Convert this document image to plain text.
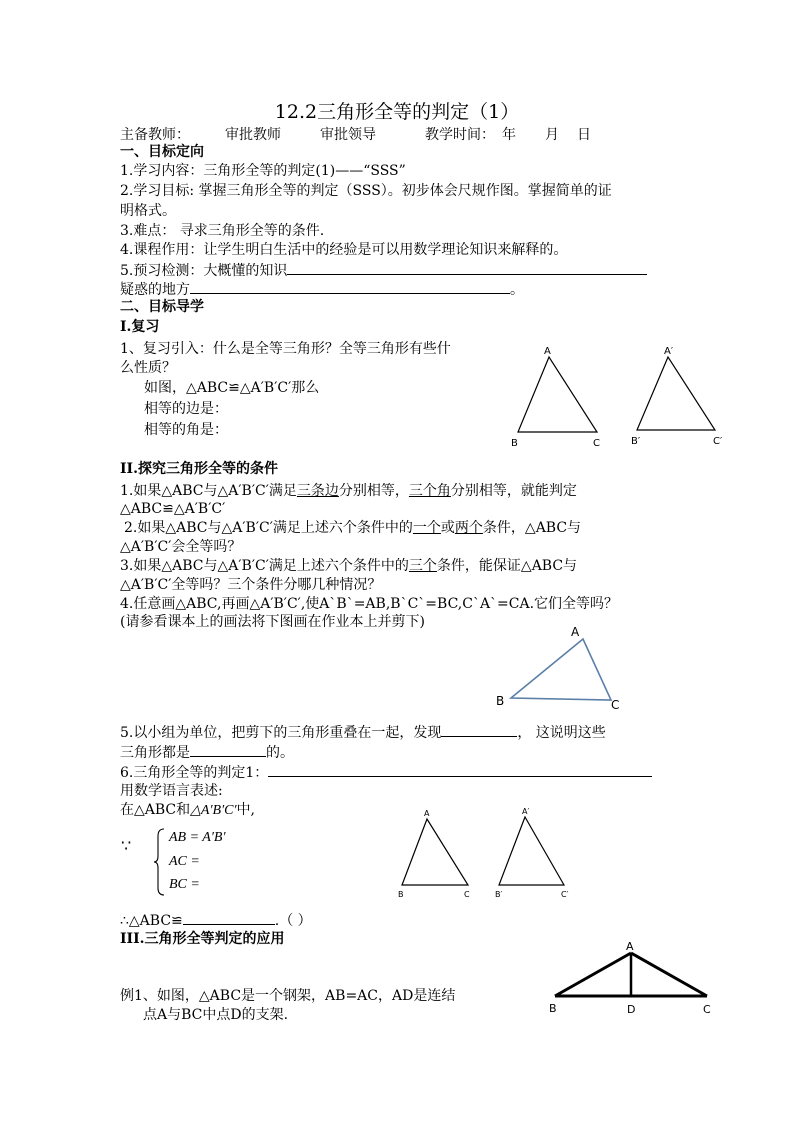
12.2三角形全等的判定（1）
主备教师：	审批教师	审批领导	教学时间： 年 月 日
一、目标定向
1.学习内容：三角形全等的判定(1)——“SSS”
2.学习目标: 掌握三角形全等的判定（SSS）。初步体会尺规作图。掌握简单的证
明格式。
3.难点： 寻求三角形全等的条件.
4.课程作用：让学生明白生活中的经验是可以用数学理论知识来解释的。
5.预习检测：大概懂的知识
疑惑的地方	。
二、目标导学
I.复习
1、复习引入：什么是全等三角形？全等三角形有些什
么性质？
如图，△ABC≌△A′B′C′那么
相等的边是：
相等的角是：
A
B	C
A′
B′	C′
II.探究三角形全等的条件
1.如果△ABC与△A′B′C′满足三条边分别相等，三个角分别相等，就能判定
△ABC≌△A′B′C′
2.如果△ABC与△A′B′C′满足上述六个条件中的一个或两个条件，△ABC与
△A′B′C′会全等吗？
3.如果△ABC与△A′B′C′满足上述六个条件中的三个条件，能保证△ABC与
△A′B′C′全等吗？三个条件分哪几种情况？
4.任意画△ABC,再画△A′B′C′,使A`B`=AB,B`C`=BC,C`A`=CA.它们全等吗？
(请参看课本上的画法将下图画在作业本上并剪下)
A
B	C
5.以小组为单位，把剪下的三角形重叠在一起，发现	， 这说明这些
三角形都是	的。
6.三角形全等的判定1：
用数学语言表述:
在△ABC和△A′B′C′中,
∵	AB = A′B′
AC =
BC =
A
B	C
A′
B′	C′
∴△ABC≌	.（ ）
III.三角形全等判定的应用
例1、如图，△ABC是一个钢架，AB=AC，AD是连结
点A与BC中点D的支架.
A
B	D	C
